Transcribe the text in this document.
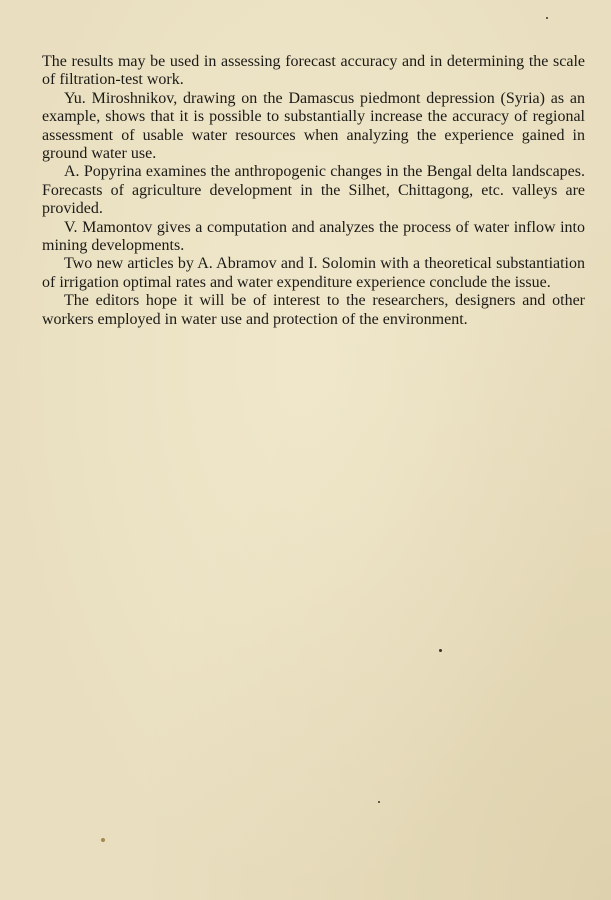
The results may be used in assessing forecast accuracy and in determining the scale of filtration-test work.

Yu. Miroshnikov, drawing on the Damascus piedmont depression (Syria) as an example, shows that it is possible to substantially increase the accuracy of regional assessment of usable water resources when analyzing the experience gained in ground water use.

A. Popyrina examines the anthropogenic changes in the Bengal delta landscapes. Forecasts of agriculture development in the Silhet, Chittagong, etc. valleys are provided.

V. Mamontov gives a computation and analyzes the process of water inflow into mining developments.

Two new articles by A. Abramov and I. Solomin with a theoretical substantiation of irrigation optimal rates and water expenditure experience conclude the issue.

The editors hope it will be of interest to the researchers, designers and other workers employed in water use and protection of the environment.
